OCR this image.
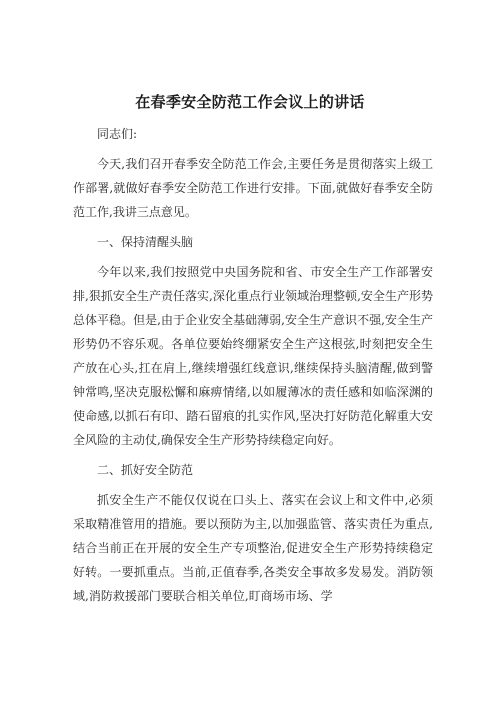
在春季安全防范工作会议上的讲话

同志们:

今天,我们召开春季安全防范工作会,主要任务是贯彻落实上级工作部署,就做好春季安全防范工作进行安排。下面,就做好春季安全防范工作,我讲三点意见。

一、保持清醒头脑

今年以来,我们按照党中央国务院和省、市安全生产工作部署安排,狠抓安全生产责任落实,深化重点行业领域治理整顿,安全生产形势总体平稳。但是,由于企业安全基础薄弱,安全生产意识不强,安全生产形势仍不容乐观。各单位要始终绷紧安全生产这根弦,时刻把安全生产放在心头,扛在肩上,继续增强红线意识,继续保持头脑清醒,做到警钟常鸣,坚决克服松懈和麻痹情绪,以如履薄冰的责任感和如临深渊的使命感,以抓石有印、踏石留痕的扎实作风,坚决打好防范化解重大安全风险的主动仗,确保安全生产形势持续稳定向好。

二、抓好安全防范

抓安全生产不能仅仅说在口头上、落实在会议上和文件中,必须采取精准管用的措施。要以预防为主,以加强监管、落实责任为重点,结合当前正在开展的安全生产专项整治,促进安全生产形势持续稳定好转。一要抓重点。当前,正值春季,各类安全事故多发易发。消防领域,消防救援部门要联合相关单位,盯商场市场、学
